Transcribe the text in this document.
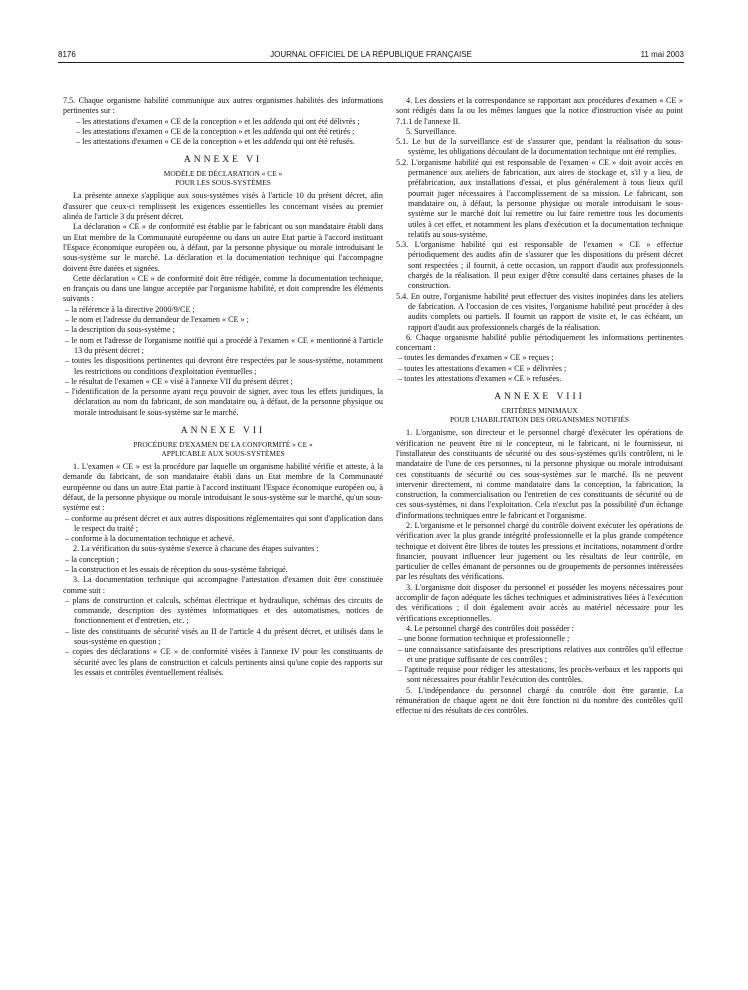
8176	JOURNAL OFFICIEL DE LA RÉPUBLIQUE FRANÇAISE	11 mai 2003

7.5. Chaque organisme habilité communique aux autres organismes habilités des informations pertinentes sur :

– les attestations d'examen « CE de la conception » et les addenda qui ont été délivrés ;
– les attestations d'examen « CE de la conception » et les addenda qui ont été retirés ;
– les attestations d'examen « CE de la conception » et les addenda qui ont été refusés.
ANNEXE VI
MODÈLE DE DÉCLARATION « CE »
POUR LES SOUS-SYSTÈMES

La présente annexe s'applique aux sous-systèmes visés à l'article 10 du présent décret, afin d'assurer que ceux-ci remplissent les exigences essentielles les concernant visées au premier alinéa de l'article 3 du présent décret.

La déclaration « CE » de conformité est établie par le fabricant ou son mandataire établi dans un Etat membre de la Communauté européenne ou dans un autre Etat partie à l'accord instituant l'Espace économique européen ou, à défaut, par la personne physique ou morale introduisant le sous-système sur le marché. La déclaration et la documentation technique qui l'accompagne doivent être datées et signées.

Cette déclaration « CE » de conformité doit être rédigée, comme la documentation technique, en français ou dans une langue acceptée par l'organisme habilité, et doit comprendre les éléments suivants :

– la référence à la directive 2000/9/CE ;
– le nom et l'adresse du demandeur de l'examen « CE » ;
– la description du sous-système ;
– le nom et l'adresse de l'organisme notifié qui a procédé à l'examen « CE » mentionné à l'article 13 du présent décret ;
– toutes les dispositions pertinentes qui devront être respectées par le sous-système, notamment les restrictions ou conditions d'exploitation éventuelles ;
– le résultat de l'examen « CE » visé à l'annexe VII du présent décret ;
– l'identification de la personne ayant reçu pouvoir de signer, avec tous les effets juridiques, la déclaration au nom du fabricant, de son mandataire ou, à défaut, de la personne physique ou morale introduisant le sous-système sur le marché.
ANNEXE VII
PROCÉDURE D'EXAMEN DE LA CONFORMITÉ « CE »
APPLICABLE AUX SOUS-SYSTÈMES

1. L'examen « CE » est la procédure par laquelle un organisme habilité vérifie et atteste, à la demande du fabricant, de son mandataire établi dans un Etat membre de la Communauté européenne ou dans un autre Etat partie à l'accord instituant l'Espace économique européen ou, à défaut, de la personne physique ou morale introduisant le sous-système sur le marché, qu'un sous-système est :

– conforme au présent décret et aux autres dispositions réglementaires qui sont d'application dans le respect du traité ;
– conforme à la documentation technique et achevé.

2. La vérification du sous-système s'exerce à chacune des étapes suivantes :

– la conception ;
– la construction et les essais de réception du sous-système fabriqué.

3. La documentation technique qui accompagne l'attestation d'examen doit être constituée comme suit :

– plans de construction et calculs, schémas électrique et hydraulique, schémas des circuits de commande, description des systèmes informatiques et des automatismes, notices de fonctionnement et d'entretien, etc. ;
– liste des constituants de sécurité visés au II de l'article 4 du présent décret, et utilisés dans le sous-système en question ;
– copies des déclarations « CE » de conformité visées à l'annexe IV pour les constituants de sécurité avec les plans de construction et calculs pertinents ainsi qu'une copie des rapports sur les essais et contrôles éventuellement réalisés.

4. Les dossiers et la correspondance se rapportant aux procédures d'examen « CE » sont rédigés dans la ou les mêmes langues que la notice d'instruction visée au point 7.1.1 de l'annexe II.

5. Surveillance.

5.1. Le but de la surveillance est de s'assurer que, pendant la réalisation du sous-système, les obligations découlant de la documentation technique ont été remplies.

5.2. L'organisme habilité qui est responsable de l'examen « CE » doit avoir accès en permanence aux ateliers de fabrication, aux aires de stockage et, s'il y a lieu, de préfabrication, aux installations d'essai, et plus généralement à tous lieux qu'il pourrait juger nécessaires à l'accomplissement de sa mission. Le fabricant, son mandataire ou, à défaut, la personne physique ou morale introduisant le sous-système sur le marché doit lui remettre ou lui faire remettre tous les documents utiles à cet effet, et notamment les plans d'exécution et la documentation technique relatifs au sous-système.

5.3. L'organisme habilité qui est responsable de l'examen « CE » effectue périodiquement des audits afin de s'assurer que les dispositions du présent décret sont respectées ; il fournit, à cette occasion, un rapport d'audit aux professionnels chargés de la réalisation. Il peut exiger d'être consulté dans certaines phases de la construction.

5.4. En outre, l'organisme habilité peut effectuer des visites inopinées dans les ateliers de fabrication. A l'occasion de ces visites, l'organisme habilité peut procéder à des audits complets ou partiels. Il fournit un rapport de visite et, le cas échéant, un rapport d'audit aux professionnels chargés de la réalisation.

6. Chaque organisme habilité publie périodiquement les informations pertinentes concernant :

– toutes les demandes d'examen « CE » reçues ;
– toutes les attestations d'examen « CE » délivrées ;
– toutes les attestations d'examen « CE » refusées.
ANNEXE VIII
CRITÈRES MINIMAUX
POUR L'HABILITATION DES ORGANISMES NOTIFIÉS

1. L'organisme, son directeur et le personnel chargé d'exécuter les opérations de vérification ne peuvent être ni le concepteur, ni le fabricant, ni le fournisseur, ni l'installateur des constituants de sécurité ou des sous-systèmes qu'ils contrôlent, ni le mandataire de l'une de ces personnes, ni la personne physique ou morale introduisant ces constituants de sécurité ou ces sous-systèmes sur le marché. Ils ne peuvent intervenir directement, ni comme mandataire dans la conception, la fabrication, la construction, la commercialisation ou l'entretien de ces constituants de sécurité ou de ces sous-systèmes, ni dans l'exploitation. Cela n'exclut pas la possibilité d'un échange d'informations techniques entre le fabricant et l'organisme.

2. L'organisme et le personnel chargé du contrôle doivent exécuter les opérations de vérification avec la plus grande intégrité professionnelle et la plus grande compétence technique et doivent être libres de toutes les pressions et incitations, notamment d'ordre financier, pouvant influencer leur jugement ou les résultats de leur contrôle, en particulier de celles émanant de personnes ou de groupements de personnes intéressées par les résultats des vérifications.

3. L'organisme doit disposer du personnel et posséder les moyens nécessaires pour accomplir de façon adéquate les tâches techniques et administratives liées à l'exécution des vérifications ; il doit également avoir accès au matériel nécessaire pour les vérifications exceptionnelles.

4. Le personnel chargé des contrôles doit posséder :

– une bonne formation technique et professionnelle ;
– une connaissance satisfaisante des prescriptions relatives aux contrôles qu'il effectue et une pratique suffisante de ces contrôles ;
– l'aptitude requise pour rédiger les attestations, les procès-verbaux et les rapports qui sont nécessaires pour établir l'exécution des contrôles.

5. L'indépendance du personnel chargé du contrôle doit être garantie. La rémunération de chaque agent ne doit être fonction ni du nombre des contrôles qu'il effectue ni des résultats de ces contrôles.
